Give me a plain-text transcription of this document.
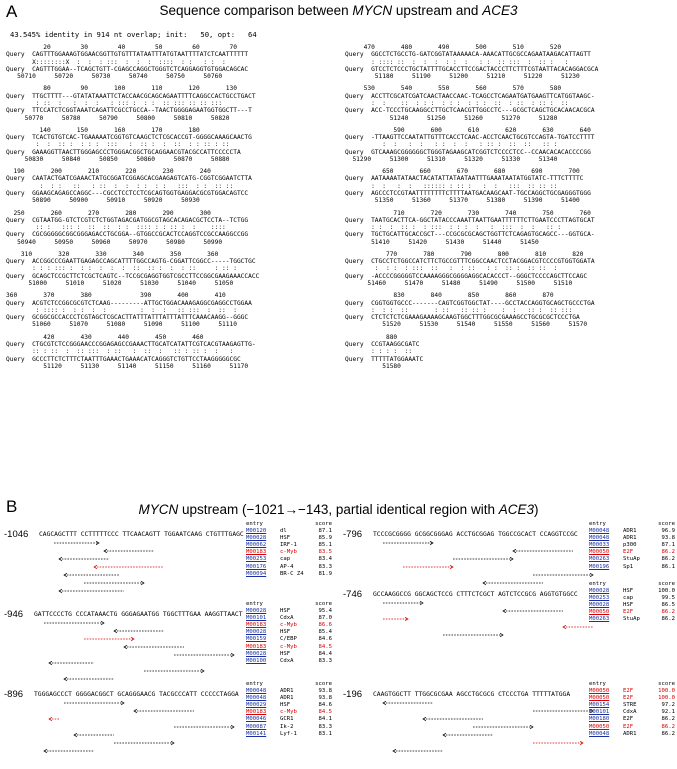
A	Sequence comparison between MYCN upstream and ACE3
43.545% identity in 914 nt overlap; init:   50, opt:   64
20        30        40        50        60        70
Query  CAGTTTGGAAAGTGGAACGGTTGTGTTTATAATTTATGTAATTTTATCTCAATTTTTT
X::::::::X  :  :  : :::  :  :  :  ::::  : :   : :  :
Query  CAGTTTGGAA--TCAGCTGTT-CGAGCCAGGCTGGGTCTCAGGAGGTGTGGACAGCAC
50710     50720     50730     50740     50750     50760
80        90       100       110       120       130
Query  TTGCTTTT---GTATATAAATTCTACCAACGCAGCAGAATTTTCAGGCCACTGCCTGACT
: ::  :   :  :  :   : ::: :  : :  :: ::: :: :: :::
Query  TTCCATCTCGGTAAATCAGATTCGCCTGCCA--TAACTGGGGAGAATGGTGGCTT---T
50770     50780     50790     50800     50810     50820
140       150       160       170       180
Query  TCACTGTGTCAC-TGAAAAATCGGTGTCAAGCTCTCGCACCGT-GGGGCAAAGCAACTG
:  :  :: :  : : :  :::   :  :: :  :  ::  : : :: : ::
Query  GAAAGGTTAACTTGGGAGCCCTGGGACGGCTGCAGGAACGTACGCCATTCCCCCTA
50830     50840     50850     50860     50870     50880
190       200       210       220       230       240
Query  CAATACTGATCGAAACTATGCGGATCGGAGCACGAAGAGTCATG-CGGTCGGAATCTTA
:  : :   ::   : ::  :  :  : :  : :   :::  : :  :: ::
Query  GGAAGCAGAGCCAGGC---CGCCTCCTCCTCGCAGTGGTGAGGACGCGTGGACAGTCC
50890     50900     50910     50920     50930
250       260       270       280       290       300
Query  CGTAATGG-GTCTCGTCTCTGGTAGACGATGGCGTAGCACAGACGCTCCTA--TCTGG
:: :   ::: :  ::  ::  : :  :::: : : :: :  :    ::::
Query  CGCGGGGGCGGCGGGAGACCTGCGGA--GTGGCCGCACTCCAGGTCCGCCAAGGCCGG
50940     50950     50960     50970     50980     50990
310       320       330       340       350       360
Query  ACCGGCCCGAATTGAGAGCCAGCATTTTGGCCAGTG-CGGATTCGGCC-----TGGCTGC
: : : ::: :  : :  :  :  :  ::  :: :  :  : ::     : :: :
Query  GCAGCTCCGCTTCTCGCTCAGTC--TCCGCGAGGTGGTCGCCTTCCGGCGAAGAAACCACC
51000     51010     51020     51030     51040     51050
360       370       380             390       400       410
Query  ACGTCTCCGGCGCGTCTCAAG---------ATTGCTGGACAAAGAGGCGAGGCCTGGAA
: :::: :  : :  :  :         :  :  :   :: :::  :  ::  :
Query  GCGGCGCCACCCTCGTAGCTCGCACTTATTTATTTATTTATTTCAAACAAGG--GGGC
51060     51070     51080     51090     51100     51110
420       430       440       450       460
Query  CTGCGTCTCCGGGAACCCGGAGAGCCGAAACTTGCATCATATTCGTCACGTAAGAGTTG-
:: : ::  :  :: :::  : ::   :  ::  :   :: : :: :  :   :
Query  GCCCTTCTCTTTCTAATTTGAAACTGAAACATCAGGGTCTGTTCCTAAGGGGGCGC
51120     51130     51140     51150     51160     51170
470       480       490       500       510       520
Query  GGCCTCTGCCTG-GATCGGTATAAAAACA-AAACATTGCGCCAGAATAAGACATTAGTT
: :::: ::  :  :  :  : :  :   : :  :: :::  :  :: :   :
Query  GTCCTCTCCCTGCTATTTTGCACCTTCCGACTACCCTTCTTTCGTAATTACACAGGACGCA
51180     51190     51200     51210     51220     51230
530       540       550       560       570       580
Query  ACCTTCGCATCGATCAACTAACCAAC-TCAGCCTCAGAATGATGAAGTTCATGGTAAGC-
:  :    ::  : : :  : : :  : : :  ::  : ::  : :: :  ::
Query  ACC-TCCCTGCAAGGCCTTGCTCAACGTTGGCCTC---GCGCTCAGCTGCACAACACGCA
51240     51250     51260     51270     51280
590       600       610       620       630       640
Query  -TTAAGTTCCAATATTGTTTCACCTCAAC-ACCTCAACTGCGTCCAGTA-TGATCCTTTT
:  :   :  :   : :  :  :   : :: :  ::  ::   :: :
Query  GTCAAAGCGGGGGGCTGGGTAGAAGCATCGGTCTCCCCTCC--CCAACACACACCCCGG
51290     51300     51310     51320     51330     51340
650       660       670       680       690       700
Query  AATAAAATATAACTACATATTATAATAATTTGAAATAATATGGTATC-TTTCTTTTC
:  :   :  :   :::::: : :: :   :  :   :::  :: :: ::
Query  AGCCCTCCGTAATTTTTTTTCTTTTAATGACAAGCAAT-TGCCAGGCTGCGAGGGTGGG
51350     51360     51370     51380     51390     51400
710       720       730       740       750       760
Query  TAATGCACTTCA-GGCTATACCCAAATTAATTGAATTTTTTCTTGAATCCCTTAGTGCAT
: :  :  :: :  : :::  : : :  :   :  :::  :  :   :: :
Query  TGCTGCATTGCACCGCT---CCGCGCGCAGCTGGTTCTCAGAGTGCAGCC---GGTGCA-
51410     51420     51430     51440     51450
770       780       790       800       810       820
Query  CTGCCTCTGGCCATCTTCTGCCGTTTCGGCCAACTCCTACGGACGTCCCCGTGGTGGATA
:  : :  : :::  ::   :  : ::   : :  :: :  :: ::  :
Query  -ACCCCGGGGGTCCAAAAGGGCGGGGAGGCACACCCT--GGGCTCCCCAGCTTCCAGC
51460     51470     51480     51490     51500     51510
830       840       850       860       870
Query  CGGTGGTGCCC-------CAGTCGGTGGCTAT----GCCTACCAGGTGCAGCTGCCCTGA
:  : :  ::       : ::   :: :: :    :  :   :: :  :: :::
Query  CTCTCTCTCGAAAGAAAAGCAAGTGGCTTTGGCGCGAAAGCCTGCGCGCTCCCTGA
51520     51530     51540     51550     51560     51570
880
Query  CCGTAAGGCGATC
: : : :  ::
Query  TTTTTATGGAAATC
51580
B	MYCN upstream (−1021→−143, partial identical region with ACE3)
-1046 CAGCAGCTTT CCTTTTTCCC TTCAACAGTT TGGAATCAAG CTGTTTGAGC
entry	score
M00120	dl	87.1
M00028	HSF	85.9
M00062	IRF-1	85.1
M00183	c-Myb	83.5
M00253	cap	83.4
M00176	AP-4	83.3
M00094	BR-C Z4	81.9
-946 GATTCCCCTG CCCATAAACTG GGGAGAATGG TGGCTTTGAA AAGGTTAACT
entry	score
M00028	HSF	95.4
M00101	CdxA	87.0
M00183	c-Myb	86.6
M00028	HSF	85.4
M00159	C/EBP	84.6
M00183	c-Myb	84.5
M00028	HSF	84.4
M00100	CdxA	83.3
-896 TGGGAGCCCT GGGGACGGCT GCAGGGAACG TACGCCCATT CCCCCTAGGA
entry	score
M00048	ADR1	93.8
M00048	ADR1	93.8
M00029	HSF	84.6
M00183	c-Myb	84.5
M00046	GCR1	84.1
M00087	Ik-2	83.3
M00141	Lyf-1	83.1
-796 TCCCGCGGGG GCGGCGGGAG ACCTGCGGAG TGGCCGCACT CCAGGTCCGC
entry	score
M00048	ADR1	96.9
M00048	ADR1	93.8
M00033	p300	87.1
M00050	E2F	86.2
M00263	StuAp	86.2
M00196	Sp1	86.1
-746 GCCAAGGCCG GGCAGCTCCG CTTTCTCGCT AGTCTCCGCG AGGTGTGGCC
entry	score
M00028	HSF	100.0
M00253	cap	99.5
M00028	HSF	86.5
M00050	E2F	86.2
M00263	StuAp	86.2
-196 CAAGTGGCTT TTGGCGCGAA AGCCTGCGCG CTCCCTGA TTTTTATGGA
entry	score
M00050	E2F	100.0
M00050	E2F	100.0
M00154	STRE	97.2
M00101	CdxA	92.1
M00180	E2F	86.2
M00050	E2F	86.2
M00048	ADR1	86.2
